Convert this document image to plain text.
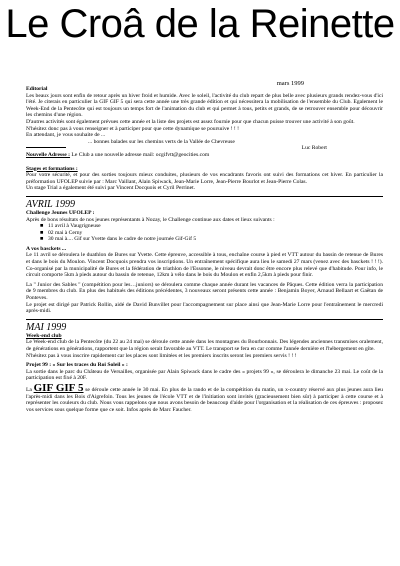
Le Croâ de la Reinette
mars 1999

Editorial

Les beaux jours sont enfin de retour après un hiver froid et humide. Avec le soleil, l'activité du club repart de plus belle avec plusieurs grands rendez-vous d'ici l'été. Je citerais en particulier la GIF GIF 5 qui sera cette année une très grande édition et qui nécessitera la mobilisation de l'ensemble du Club. Egalement le Week-End de la Pentecôte qui est toujours un temps fort de l'animation du club et qui permet à tous, petits et grands, de se retrouver ensemble pour découvrir les chemins d'une région.

D'autres activités sont également prévues cette année et la liste des projets est assez fournie pour que chacun puisse trouver une activité à son goût.

N'hésitez donc pas à vous renseigner et à participer pour que cette dynamique se poursuive ! ! !

En attendant, je vous souhaite de ...

... bonnes balades sur les chemins verts de la Vallée de Chevreuse
Luc Robert

Nouvelle Adresse : Le Club a une nouvelle adresse mail: ocgifvtt@geocities.com

Stages et formations :

Pour votre sécurité, et pour des sorties toujours mieux conduites, plusieurs de vos encadrants favoris ont suivi des formations cet hiver. En particulier la préformation UFOLEP suivie par : Marc Vaillant, Alain Spiwack, Jean-Marie Lorre, Jean-Pierre Bourlot et Jean-Pierre Colas.

Un stage Trial a également été suivi par Vincent Docquois et Cyril Perrinet.

AVRIL 1999

Challenge Jeunes UFOLEP :

Après de bons résultats de nos jeunes représentants à Nozay, le Challenge continue aux dates et lieux suivants :

■ 11 avril à Vaugrigneuse
■ 02 mai à Cerny
■ 30 mai à.... Gif sur Yvette dans le cadre de notre journée Gif-Gif 5

A vos basckets ...

Le 11 avril se déroulera le duathlon de Bures sur Yvette. Cette épreuve, accessible à tous, enchaîne course à pied et VTT autour du bassin de retenue de Bures et dans le bois du Moulon. Vincent Docquois prendra vos inscriptions. Un entraînement spécifique aura lieu le samedi 27 mars (venez avec des basckets ! ! !). Co-organisé par la municipalité de Bures et la fédération de triathlon de l'Essonne, le niveau devrait donc être encore plus relevé que d'habitude. Pour info, le circuit comporte 5km à pieds autour du bassin de retenue, 12km à vélo dans le bois du Moulon et enfin 2,5km à pieds pour finir.

La " Junior des Sables " (compétition pour les…juniors) se déroulera comme chaque année durant les vacances de Pâques. Cette édition verra la participation de 9 membres du club. En plus des habitués des éditions précédentes, 3 nouveaux seront présents cette année : Benjamin Boyer, Arnaud Bellaart et Gaëtan de Ponteves.

Le projet est dirigé par Patrick Rollin, aidé de David Bunvillet pour l'accompagnement sur place ainsi que Jean-Marie Lorre pour l'entraînement le mercredi après-midi.

MAI 1999

Week-end club

Le Week-end club de la Pentecôte (du 22 au 24 mai) se déroule cette année dans les montagnes du Bourbonnais. Des légendes anciennes transmises oralement, de générations en générations, rapportent que la région serait favorable au VTT. Le transport se fera en car comme l'année dernière et l'hébergement en gîte.

N'hésitez pas à vous inscrire rapidement car les places sont limitées et les premiers inscrits seront les premiers servis ! ! !

Projet 99 : « Sur les traces du Roi Soleil » :

La sortie dans le parc du Château de Versailles, organisée par Alain Spiwack dans le cadre des « projets 99 », se déroulera le dimanche 23 mai. Le coût de la participation est fixé à 20F.

La GIF GIF 5 se déroule cette année le 30 mai. En plus de la rando et de la compétition du matin, un x-country réservé aux plus jeunes aura lieu l'après-midi dans les Bois d'Aigrefoin. Tous les jeunes de l'école VTT et de l'initiation sont invités (gracieusement bien sûr) à participer à cette course et à représenter les couleurs du club. Nous vous rappelons que nous avons besoin de beaucoup d'aide pour l'organisation et la réalisation de ces épreuves : proposez vos services sous quelque forme que ce soit. Infos après de Marc Faucher.
